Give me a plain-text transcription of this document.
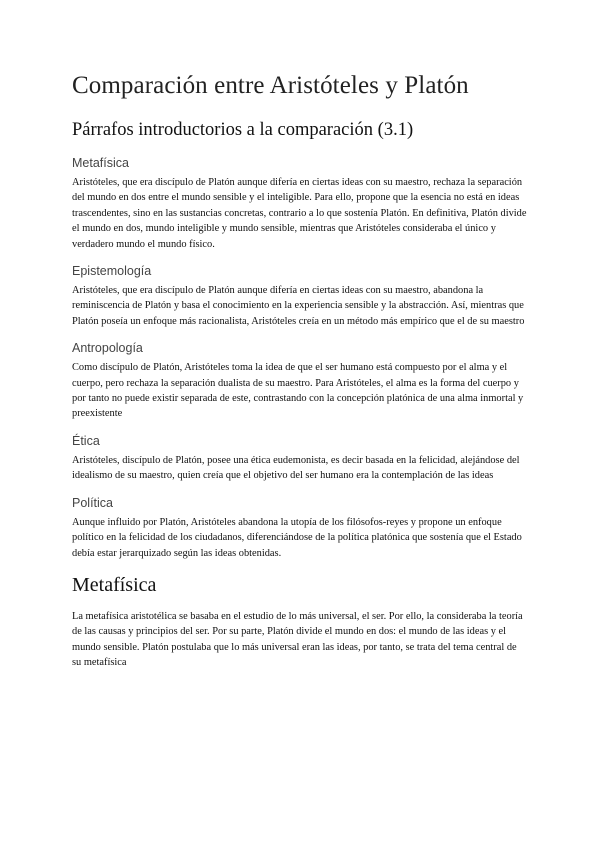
Comparación entre Aristóteles y Platón
Párrafos introductorios a la comparación (3.1)
Metafísica

Aristóteles, que era discípulo de Platón aunque difería en ciertas ideas con su maestro, rechaza la separación del mundo en dos entre el mundo sensible y el inteligible. Para ello, propone que la esencia no está en ideas trascendentes, sino en las sustancias concretas, contrario a lo que sostenía Platón. En definitiva, Platón divide el mundo en dos, mundo inteligible y mundo sensible, mientras que Aristóteles consideraba el único y verdadero mundo el mundo físico.

Epistemología

Aristóteles, que era discípulo de Platón aunque difería en ciertas ideas con su maestro, abandona la reminiscencia de Platón y basa el conocimiento en la experiencia sensible y la abstracción. Así, mientras que Platón poseía un enfoque más racionalista, Aristóteles creía en un método más empírico que el de su maestro

Antropología

Como discípulo de Platón, Aristóteles toma la idea de que el ser humano está compuesto por el alma y el cuerpo, pero rechaza la separación dualista de su maestro. Para Aristóteles, el alma es la forma del cuerpo y por tanto no puede existir separada de este, contrastando con la concepción platónica de una alma inmortal y preexistente

Ética

Aristóteles, discípulo de Platón, posee una ética eudemonista, es decir basada en la felicidad, alejándose del idealismo de su maestro, quien creía que el objetivo del ser humano era la contemplación de las ideas

Política

Aunque influido por Platón, Aristóteles abandona la utopía de los filósofos-reyes y propone un enfoque político en la felicidad de los ciudadanos, diferenciándose de la política platónica que sostenía que el Estado debía estar jerarquizado según las ideas obtenidas.

Metafísica

La metafísica aristotélica se basaba en el estudio de lo más universal, el ser. Por ello, la consideraba la teoría de las causas y principios del ser. Por su parte, Platón divide el mundo en dos: el mundo de las ideas y el mundo sensible. Platón postulaba que lo más universal eran las ideas, por tanto, se trata del tema central de su metafísica
